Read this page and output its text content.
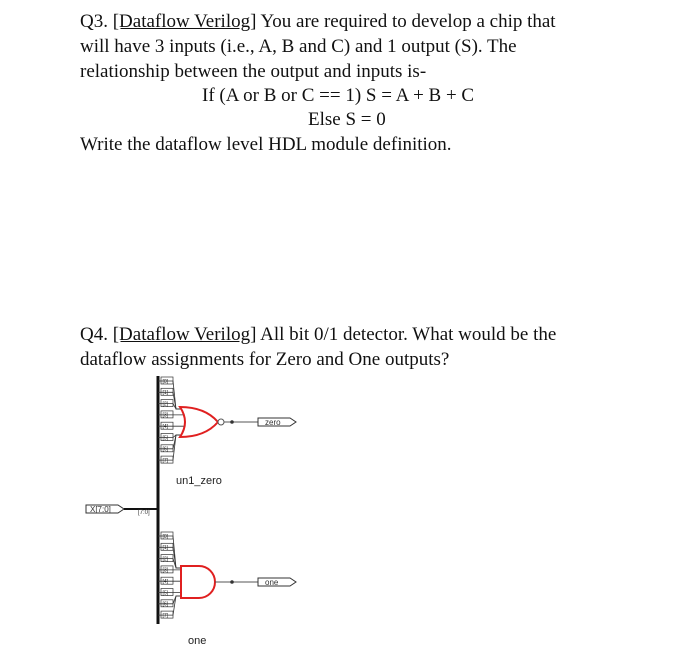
Q3. [Dataflow Verilog] You are required to develop a chip that
will have 3 inputs (i.e., A, B and C) and 1 output (S). The
relationship between the output and inputs is-
If (A or B or C == 1) S = A + B + C
Else S = 0
Write the dataflow level HDL module definition.
Q4. [Dataflow Verilog] All bit 0/1 detector. What would be the
dataflow assignments for Zero and One outputs?
X[7:0]	[7:0]
[0]
[1]
[2]
[3]
[4]
[5]
[6]
[7]
[0]
[1]
[2]
[3]
[4]
[5]
[6]
[7]
zero
un1_zero
one
one
